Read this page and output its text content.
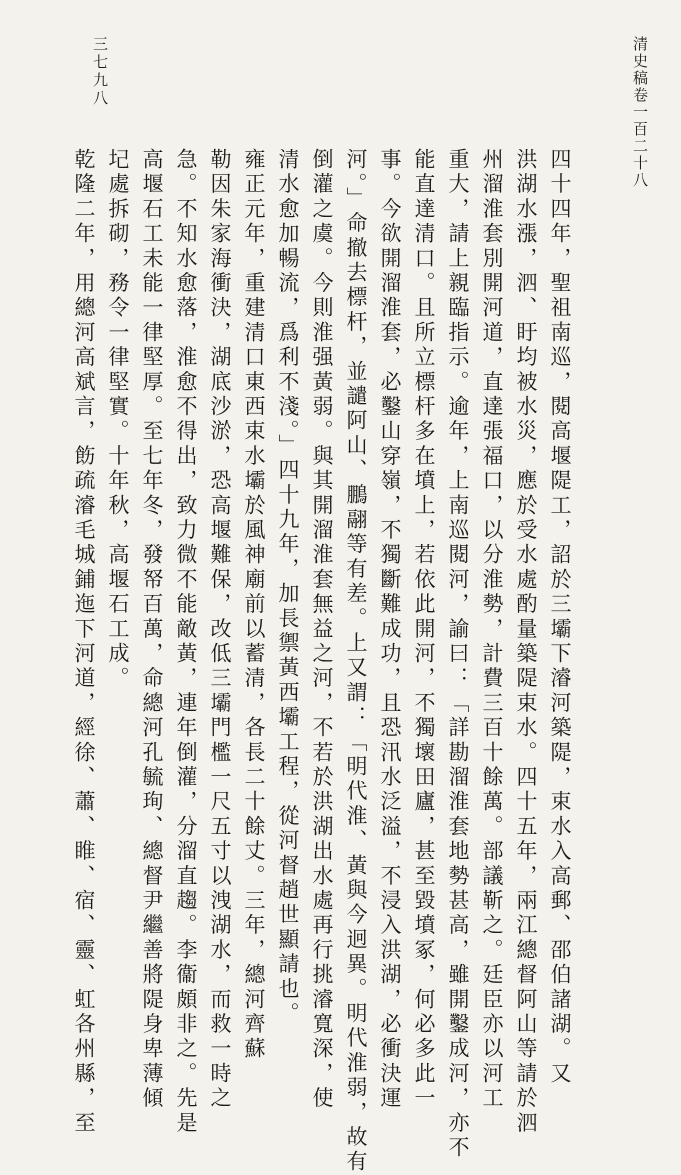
清史稿卷一百二十八
三七九八
四十四年，聖祖南巡，閱高堰隄工，詔於三壩下濬河築隄，束水入高郵、邵伯諸湖。又
洪湖水漲，泗、盱均被水災，應於受水處酌量築隄束水。四十五年，兩江總督阿山等請於泗
州溜淮套別開河道，直達張福口，以分淮勢，計費三百十餘萬。部議靳之。廷臣亦以河工
重大，請上親臨指示。逾年，上南巡閱河，諭曰：「詳勘溜淮套地勢甚高，雖開鑿成河，亦不
能直達清口。且所立標杆多在墳上，若依此開河，不獨壞田廬，甚至毀墳冢，何必多此一
事。今欲開溜淮套，必鑿山穿嶺，不獨斷難成功，且恐汛水泛溢，不浸入洪湖，必衝決運
河。」命撤去標杆，並譴阿山、鵬翮等有差。上又謂：「明代淮、黃與今迥異。明代淮弱，故有
倒灌之虞。今則淮强黃弱。與其開溜淮套無益之河，不若於洪湖出水處再行挑濬寬深，使
清水愈加暢流，爲利不淺。」四十九年，加長禦黃西壩工程，從河督趙世顯請也。
雍正元年，重建清口東西束水壩於風神廟前以蓄清，各長二十餘丈。三年，總河齊蘇
勒因朱家海衝決，湖底沙淤，恐高堰難保，改低三壩門檻一尺五寸以洩湖水，而救一時之
急。不知水愈落，淮愈不得出，致力微不能敵黃，連年倒灌，分溜直趨。李衞頗非之。先是
高堰石工未能一律堅厚。至七年冬，發帑百萬，命總河孔毓珣、總督尹繼善將隄身卑薄傾
圮處拆砌，務令一律堅實。十年秋，高堰石工成。
乾隆二年，用總河高斌言，飭疏濬毛城鋪迤下河道，經徐、蕭、睢、宿、靈、虹各州縣，至
